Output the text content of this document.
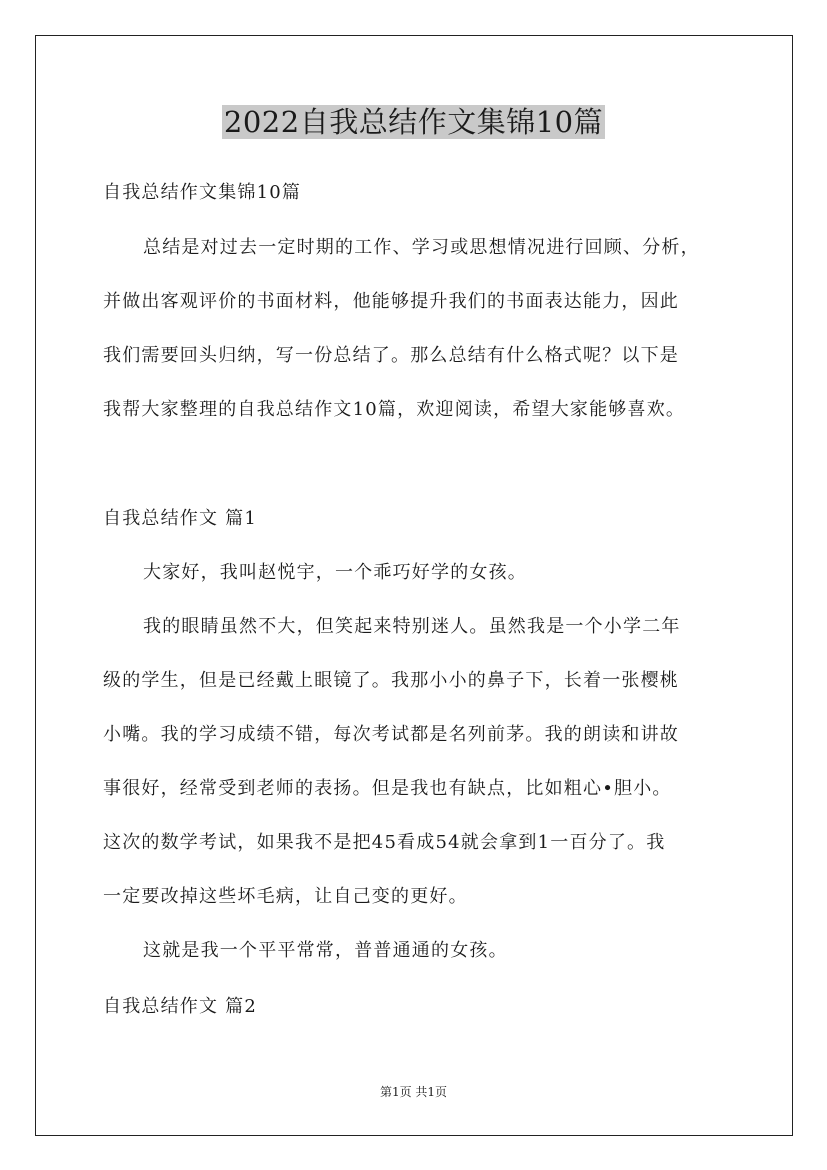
2022自我总结作文集锦10篇

自我总结作文集锦10篇

总结是对过去一定时期的工作、学习或思想情况进行回顾、分析，

并做出客观评价的书面材料，他能够提升我们的书面表达能力，因此

我们需要回头归纳，写一份总结了。那么总结有什么格式呢？以下是

我帮大家整理的自我总结作文10篇，欢迎阅读，希望大家能够喜欢。

自我总结作文 篇1

大家好，我叫赵悦宇，一个乖巧好学的女孩。

我的眼睛虽然不大，但笑起来特别迷人。虽然我是一个小学二年

级的学生，但是已经戴上眼镜了。我那小小的鼻子下，长着一张樱桃

小嘴。我的学习成绩不错，每次考试都是名列前茅。我的朗读和讲故

事很好，经常受到老师的表扬。但是我也有缺点，比如粗心•胆小。

这次的数学考试，如果我不是把45看成54就会拿到1一百分了。我

一定要改掉这些坏毛病，让自己变的更好。

这就是我一个平平常常，普普通通的女孩。

自我总结作文 篇2

第1页 共1页
